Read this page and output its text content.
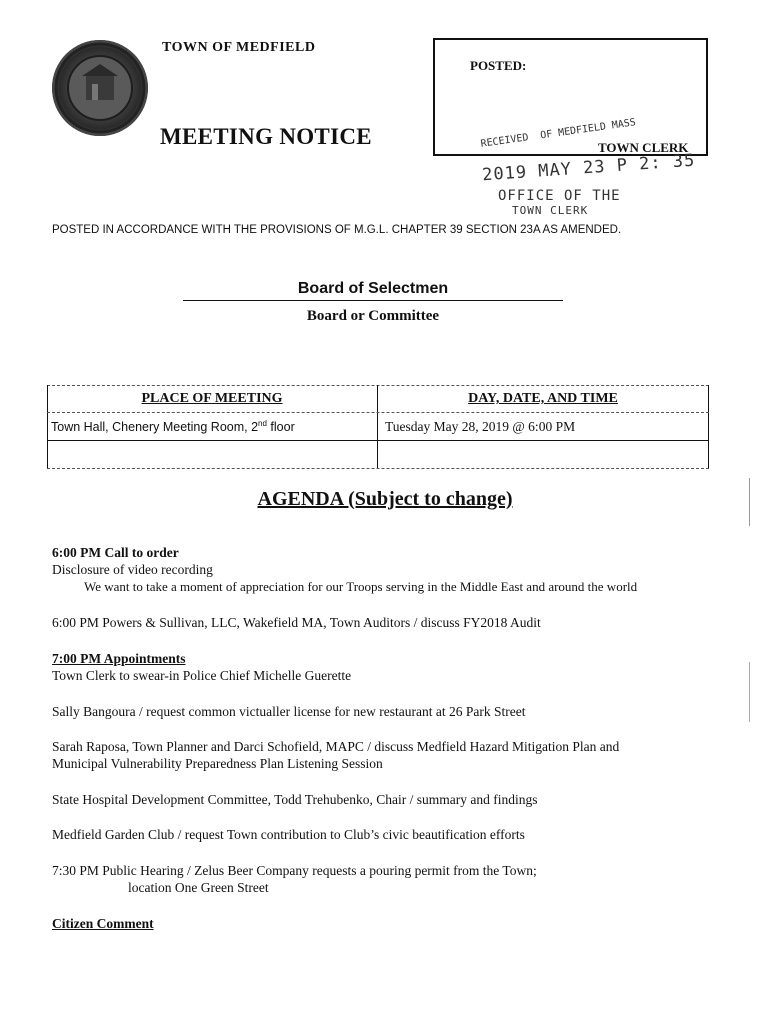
TOWN OF MEDFIELD
MEETING NOTICE
POSTED:
RECEIVED  OF MEDFIELD MASS
TOWN CLERK
2019 MAY 23 P 2: 35
OFFICE OF THE
TOWN CLERK
POSTED IN ACCORDANCE WITH THE PROVISIONS OF M.G.L. CHAPTER 39 SECTION 23A AS AMENDED.
Board of Selectmen
Board or Committee
PLACE OF MEETING	DAY, DATE, AND TIME
Town Hall, Chenery Meeting Room, 2nd floor	Tuesday May 28, 2019 @ 6:00 PM
AGENDA (Subject to change)
6:00 PM Call to order
Disclosure of video recording
We want to take a moment of appreciation for our Troops serving in the Middle East and around the world
6:00 PM Powers & Sullivan, LLC, Wakefield MA, Town Auditors / discuss FY2018 Audit
7:00 PM Appointments
Town Clerk to swear-in Police Chief Michelle Guerette
Sally Bangoura / request common victualler license for new restaurant at 26 Park Street
Sarah Raposa, Town Planner and Darci Schofield, MAPC / discuss Medfield Hazard Mitigation Plan and
Municipal Vulnerability Preparedness Plan Listening Session
State Hospital Development Committee, Todd Trehubenko, Chair / summary and findings
Medfield Garden Club / request Town contribution to Club’s civic beautification efforts
7:30 PM Public Hearing / Zelus Beer Company requests a pouring permit from the Town;
location One Green Street
Citizen Comment
